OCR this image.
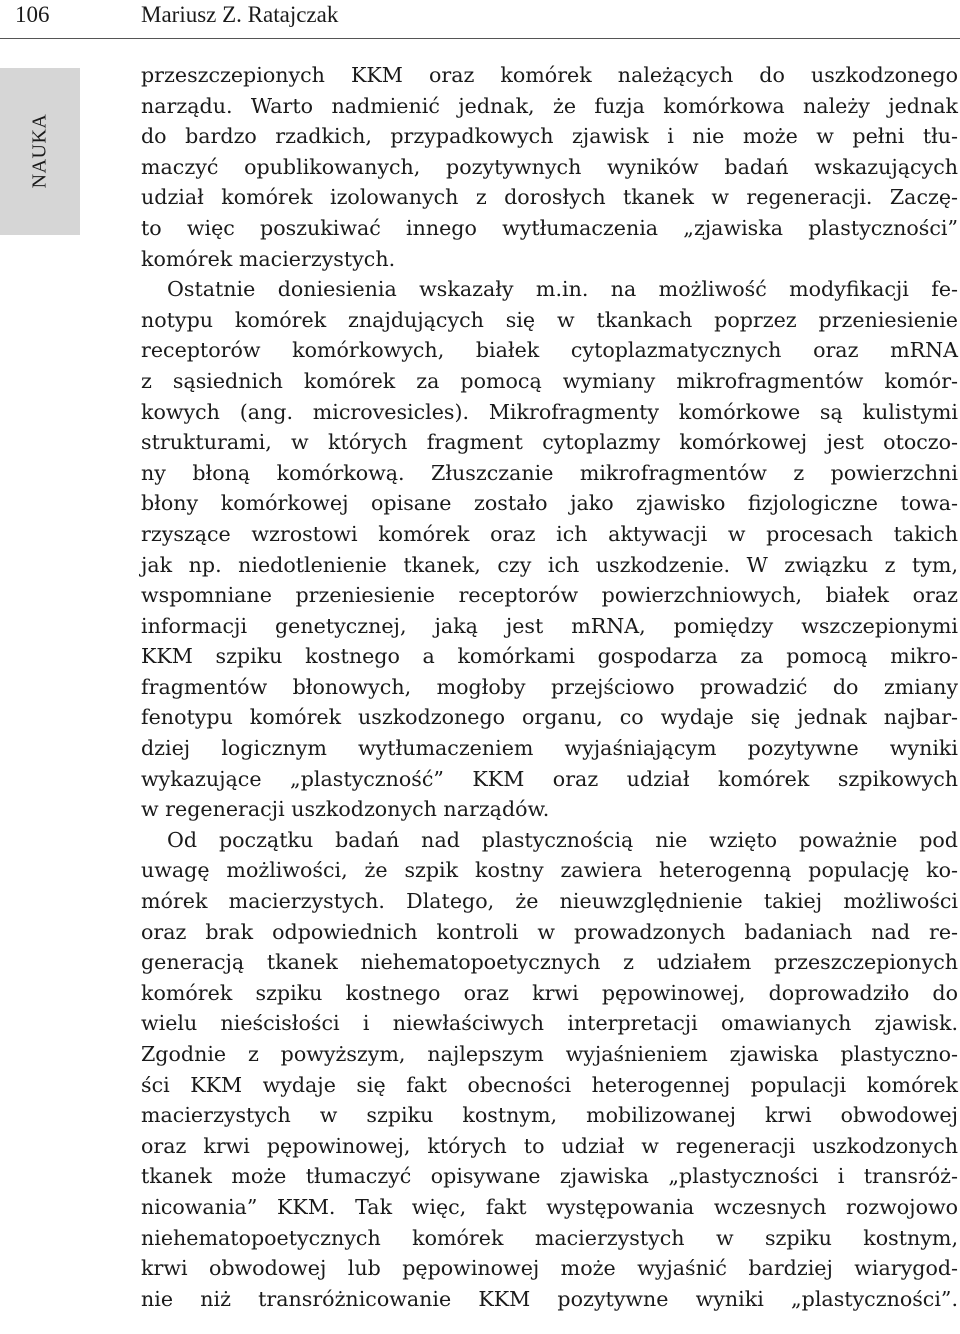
106	Mariusz Z. Ratajczak
NAUKA
przeszczepionych KKM oraz komórek należących do uszkodzonego
narządu. Warto nadmienić jednak, że fuzja komórkowa należy jednak
do bardzo rzadkich, przypadkowych zjawisk i nie może w pełni tłu-
maczyć opublikowanych, pozytywnych wyników badań wskazujących
udział komórek izolowanych z dorosłych tkanek w regeneracji. Zaczę-
to więc poszukiwać innego wytłumaczenia „zjawiska plastyczności”
komórek macierzystych.
Ostatnie doniesienia wskazały m.in. na możliwość modyfikacji fe-
notypu komórek znajdujących się w tkankach poprzez przeniesienie
receptorów komórkowych, białek cytoplazmatycznych oraz mRNA
z sąsiednich komórek za pomocą wymiany mikrofragmentów komór-
kowych (ang. microvesicles). Mikrofragmenty komórkowe są kulistymi
strukturami, w których fragment cytoplazmy komórkowej jest otoczo-
ny błoną komórkową. Złuszczanie mikrofragmentów z powierzchni
błony komórkowej opisane zostało jako zjawisko fizjologiczne towa-
rzyszące wzrostowi komórek oraz ich aktywacji w procesach takich
jak np. niedotlenienie tkanek, czy ich uszkodzenie. W związku z tym,
wspomniane przeniesienie receptorów powierzchniowych, białek oraz
informacji genetycznej, jaką jest mRNA, pomiędzy wszczepionymi
KKM szpiku kostnego a komórkami gospodarza za pomocą mikro-
fragmentów błonowych, mogłoby przejściowo prowadzić do zmiany
fenotypu komórek uszkodzonego organu, co wydaje się jednak najbar-
dziej logicznym wytłumaczeniem wyjaśniającym pozytywne wyniki
wykazujące „plastyczność” KKM oraz udział komórek szpikowych
w regeneracji uszkodzonych narządów.
Od początku badań nad plastycznością nie wzięto poważnie pod
uwagę możliwości, że szpik kostny zawiera heterogenną populację ko-
mórek macierzystych. Dlatego, że nieuwzględnienie takiej możliwości
oraz brak odpowiednich kontroli w prowadzonych badaniach nad re-
generacją tkanek niehematopoetycznych z udziałem przeszczepionych
komórek szpiku kostnego oraz krwi pępowinowej, doprowadziło do
wielu nieścisłości i niewłaściwych interpretacji omawianych zjawisk.
Zgodnie z powyższym, najlepszym wyjaśnieniem zjawiska plastyczno-
ści KKM wydaje się fakt obecności heterogennej populacji komórek
macierzystych w szpiku kostnym, mobilizowanej krwi obwodowej
oraz krwi pępowinowej, których to udział w regeneracji uszkodzonych
tkanek może tłumaczyć opisywane zjawiska „plastyczności i transróż-
nicowania” KKM. Tak więc, fakt występowania wczesnych rozwojowo
niehematopoetycznych komórek macierzystych w szpiku kostnym,
krwi obwodowej lub pępowinowej może wyjaśnić bardziej wiarygod-
nie niż transróżnicowanie KKM pozytywne wyniki „plastyczności”.
